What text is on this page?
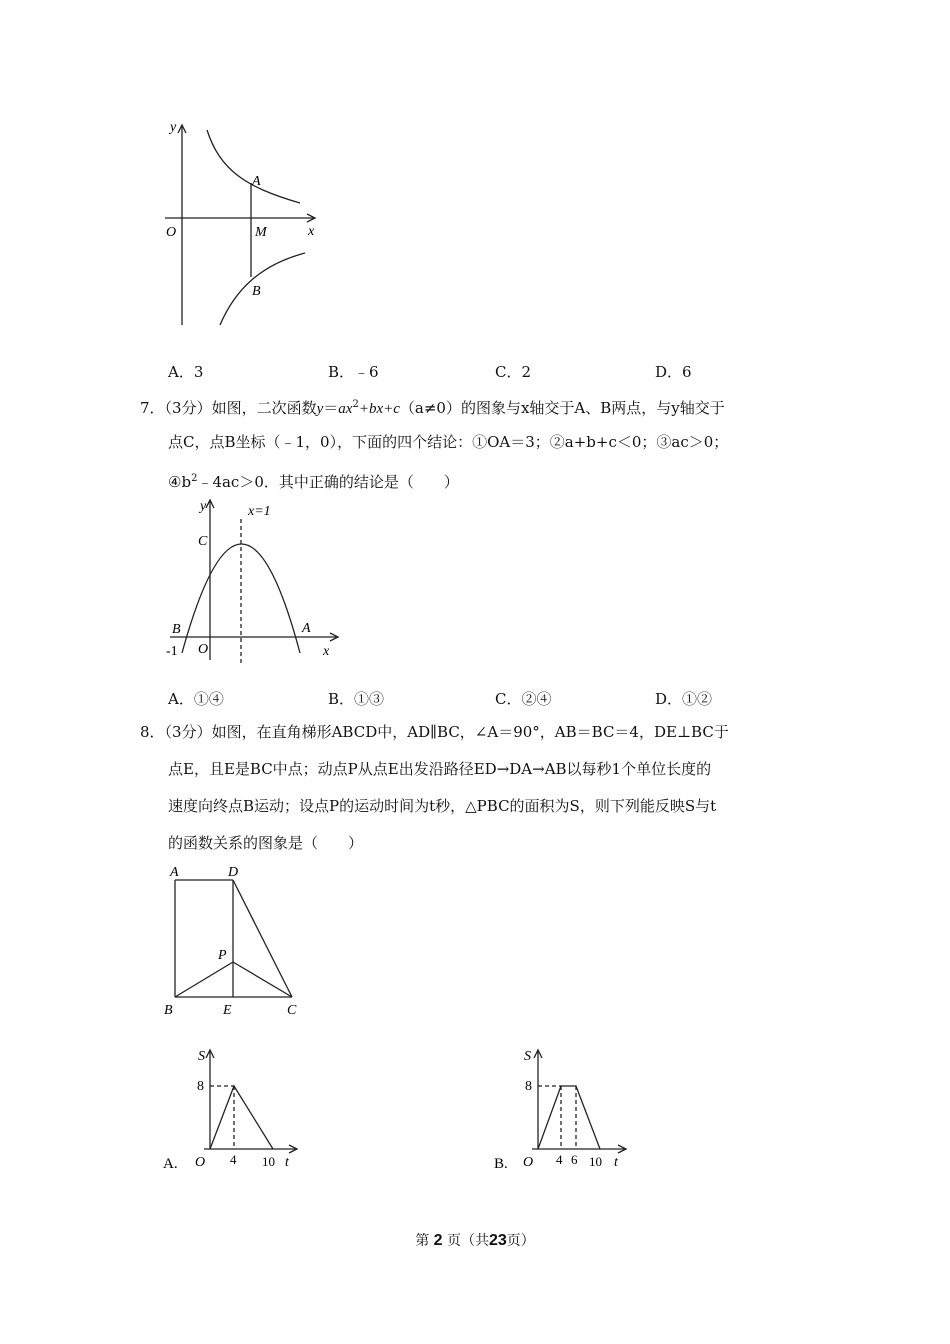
y
x
O
A
M
B
A．3	B．﹣6	C．2	D．6
7．（3分）如图，二次函数$y=ax^2+bx+c(a\ne 0)$的图象与x轴交于A、B两点，与y轴交于
点C，点B坐标（﹣1，0），下面的四个结论：①OA＝3；②a+b+c＜0；③ac＞0；
$④b^2﹣4ac>0$．其中正确的结论是（　　）
y	x=1
C
B	A
-1 O	x
A．①④	B．①③	C．②④	D．①②
8．（3分）如图，在直角梯形ABCD中，AD∥BC，∠A＝90°，AB＝BC＝4，DE⊥BC于
点E，且E是BC中点；动点P从点E出发沿路径ED→DA→AB以每秒1个单位长度的
速度向终点B运动；设点P的运动时间为t秒，△PBC的面积为S，则下列能反映S与t
的函数关系的图象是（　　）
A	D
P
B	E	C
A.
S
8
O 4 10 t	B.
S
8
O 4 6 10 t
第 2 页（共23页）
